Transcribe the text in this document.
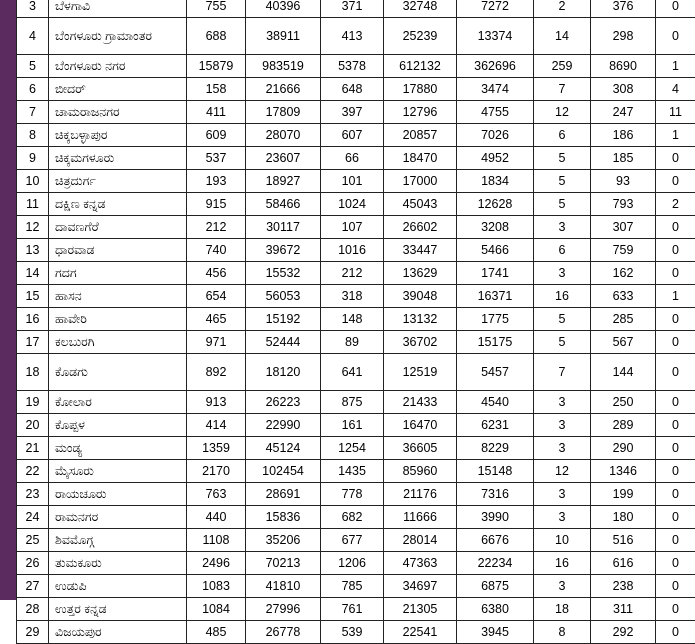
3	ಬೆಳಗಾವಿ	755	40396	371	32748	7272	2	376	0
4	ಬೆಂಗಳೂರು ಗ್ರಾಮಾಂತರ	688	38911	413	25239	13374	14	298	0
5	ಬೆಂಗಳೂರು ನಗರ	15879	983519	5378	612132	362696	259	8690	1
6	ಬೀದರ್	158	21666	648	17880	3474	7	308	4
7	ಚಾಮರಾಜನಗರ	411	17809	397	12796	4755	12	247	11
8	ಚಿಕ್ಕಬಳ್ಳಾಪುರ	609	28070	607	20857	7026	6	186	1
9	ಚಿಕ್ಕಮಗಳೂರು	537	23607	66	18470	4952	5	185	0
10	ಚಿತ್ರದುರ್ಗ	193	18927	101	17000	1834	5	93	0
11	ದಕ್ಷಿಣ ಕನ್ನಡ	915	58466	1024	45043	12628	5	793	2
12	ದಾವಣಗೆರೆ	212	30117	107	26602	3208	3	307	0
13	ಧಾರವಾಡ	740	39672	1016	33447	5466	6	759	0
14	ಗದಗ	456	15532	212	13629	1741	3	162	0
15	ಹಾಸನ	654	56053	318	39048	16371	16	633	1
16	ಹಾವೇರಿ	465	15192	148	13132	1775	5	285	0
17	ಕಲಬುರಗಿ	971	52444	89	36702	15175	5	567	0
18	ಕೊಡಗು	892	18120	641	12519	5457	7	144	0
19	ಕೋಲಾರ	913	26223	875	21433	4540	3	250	0
20	ಕೊಪ್ಪಳ	414	22990	161	16470	6231	3	289	0
21	ಮಂಡ್ಯ	1359	45124	1254	36605	8229	3	290	0
22	ಮೈಸೂರು	2170	102454	1435	85960	15148	12	1346	0
23	ರಾಯಚೂರು	763	28691	778	21176	7316	3	199	0
24	ರಾಮನಗರ	440	15836	682	11666	3990	3	180	0
25	ಶಿವಮೊಗ್ಗ	1108	35206	677	28014	6676	10	516	0
26	ತುಮಕೂರು	2496	70213	1206	47363	22234	16	616	0
27	ಉಡುಪಿ	1083	41810	785	34697	6875	3	238	0
28	ಉತ್ತರ ಕನ್ನಡ	1084	27996	761	21305	6380	18	311	0
29	ವಿಜಯಪುರ	485	26778	539	22541	3945	8	292	0
